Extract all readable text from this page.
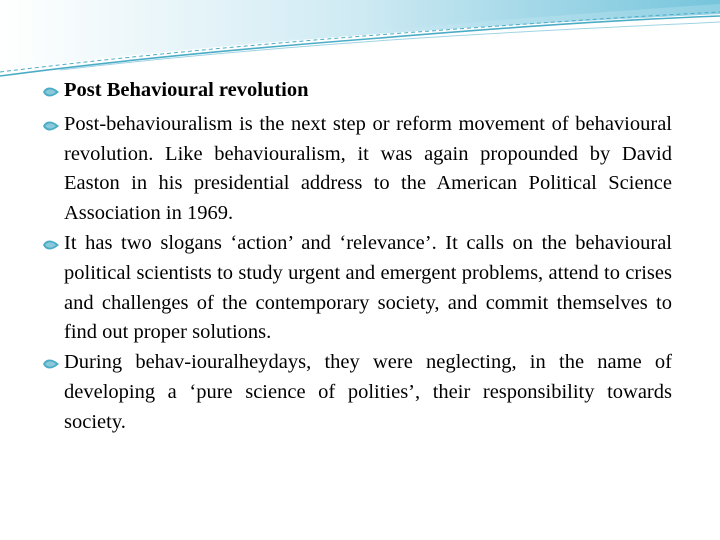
Post Behavioural revolution
Post-behaviouralism is the next step or reform movement of behavioural revolution. Like behaviouralism, it was again propounded by David Easton in his presidential address to the American Political Science Association in 1969.
It has two slogans ‘action’ and ‘relevance’. It calls on the behavioural political scientists to study urgent and emergent problems, attend to crises and challenges of the contemporary society, and commit themselves to find out proper solutions.
During behav-iouralheydays, they were neglecting, in the name of developing a ‘pure science of polities’, their responsibility towards society.
